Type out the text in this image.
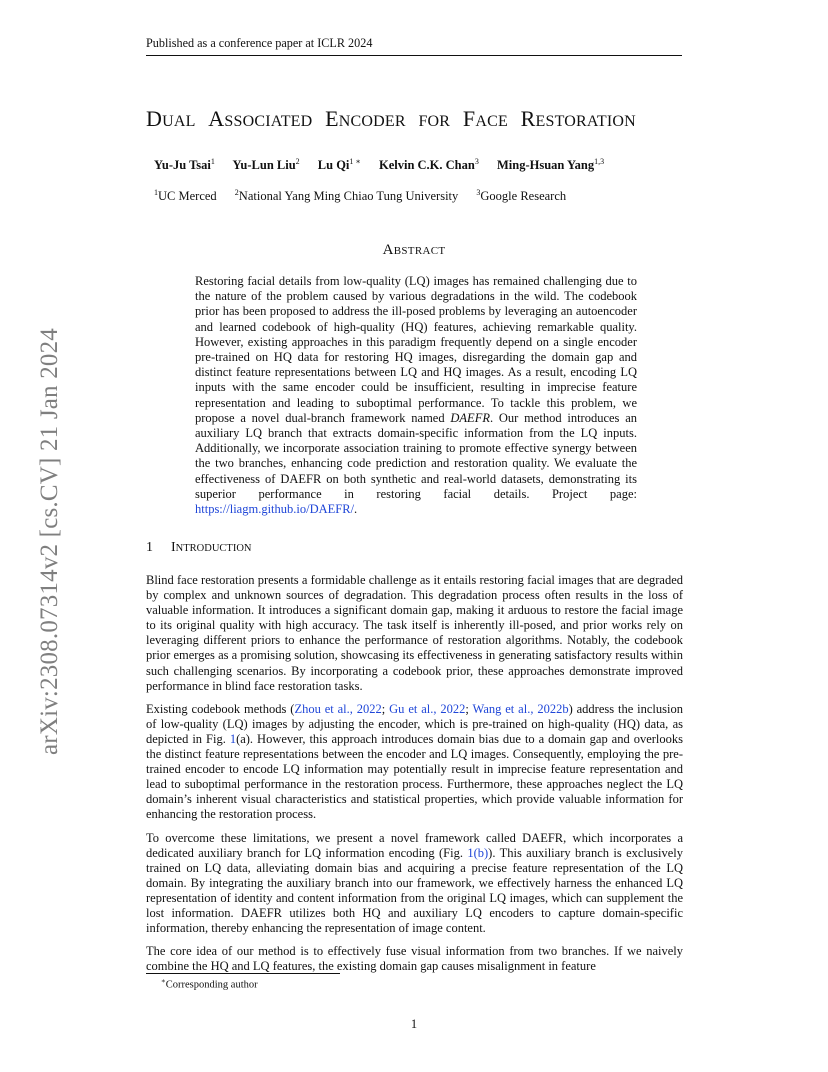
Published as a conference paper at ICLR 2024
arXiv:2308.07314v2 [cs.CV] 21 Jan 2024
DUAL ASSOCIATED ENCODER FOR FACE RESTORATION
Yu-Ju Tsai$^1$ Yu-Lun Liu$^2$ Lu $Qi^{1 ∗}$ Kelvin C.K. Chan$^3$ Ming-Hsuan Yang$^{1,3}$
$^1$UC Merced $^2$National Yang Ming Chiao Tung University $^3$Google Research
ABSTRACT
Restoring facial details from low-quality (LQ) images has remained challenging due to the nature of the problem caused by various degradations in the wild. The codebook prior has been proposed to address the ill-posed problems by leveraging an autoencoder and learned codebook of high-quality (HQ) features, achieving remarkable quality. However, existing approaches in this paradigm frequently depend on a single encoder pre-trained on HQ data for restoring HQ images, disregarding the domain gap and distinct feature representations between LQ and HQ images. As a result, encoding LQ inputs with the same encoder could be insufficient, resulting in imprecise feature representation and leading to suboptimal performance. To tackle this problem, we propose a novel dual-branch framework named DAEFR. Our method introduces an auxiliary LQ branch that extracts domain-specific information from the LQ inputs. Additionally, we incorporate association training to promote effective synergy between the two branches, enhancing code prediction and restoration quality. We evaluate the effectiveness of DAEFR on both synthetic and real-world datasets, demonstrating its superior performance in restoring facial details. Project page: https://liagm.github.io/DAEFR/.
1 INTRODUCTION

Blind face restoration presents a formidable challenge as it entails restoring facial images that are degraded by complex and unknown sources of degradation. This degradation process often results in the loss of valuable information. It introduces a significant domain gap, making it arduous to restore the facial image to its original quality with high accuracy. The task itself is inherently ill-posed, and prior works rely on leveraging different priors to enhance the performance of restoration algorithms. Notably, the codebook prior emerges as a promising solution, showcasing its effectiveness in generating satisfactory results within such challenging scenarios. By incorporating a codebook prior, these approaches demonstrate improved performance in blind face restoration tasks.

Existing codebook methods (Zhou et al., 2022; Gu et al., 2022; Wang et al., 2022b) address the inclusion of low-quality (LQ) images by adjusting the encoder, which is pre-trained on high-quality (HQ) data, as depicted in Fig. 1(a). However, this approach introduces domain bias due to a domain gap and overlooks the distinct feature representations between the encoder and LQ images. Consequently, employing the pre-trained encoder to encode LQ information may potentially result in imprecise feature representation and lead to suboptimal performance in the restoration process. Furthermore, these approaches neglect the LQ domain’s inherent visual characteristics and statistical properties, which provide valuable information for enhancing the restoration process.

To overcome these limitations, we present a novel framework called DAEFR, which incorporates a dedicated auxiliary branch for LQ information encoding (Fig. 1(b)). This auxiliary branch is exclusively trained on LQ data, alleviating domain bias and acquiring a precise feature representation of the LQ domain. By integrating the auxiliary branch into our framework, we effectively harness the enhanced LQ representation of identity and content information from the original LQ images, which can supplement the lost information. DAEFR utilizes both HQ and auxiliary LQ encoders to capture domain-specific information, thereby enhancing the representation of image content.

The core idea of our method is to effectively fuse visual information from two branches. If we naively combine the HQ and LQ features, the existing domain gap causes misalignment in feature

∗Corresponding author
1
